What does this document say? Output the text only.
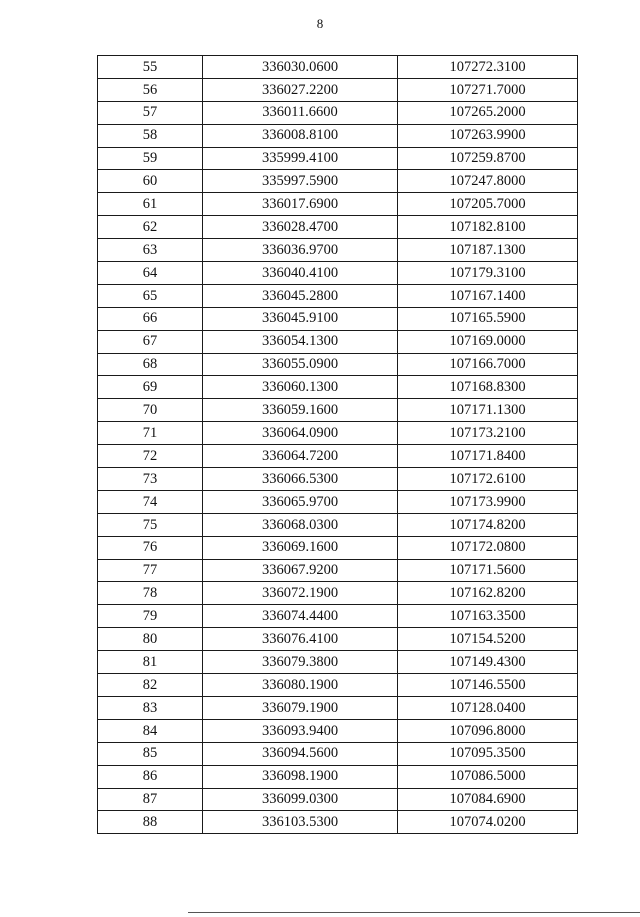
8
55	336030.0600	107272.3100
56	336027.2200	107271.7000
57	336011.6600	107265.2000
58	336008.8100	107263.9900
59	335999.4100	107259.8700
60	335997.5900	107247.8000
61	336017.6900	107205.7000
62	336028.4700	107182.8100
63	336036.9700	107187.1300
64	336040.4100	107179.3100
65	336045.2800	107167.1400
66	336045.9100	107165.5900
67	336054.1300	107169.0000
68	336055.0900	107166.7000
69	336060.1300	107168.8300
70	336059.1600	107171.1300
71	336064.0900	107173.2100
72	336064.7200	107171.8400
73	336066.5300	107172.6100
74	336065.9700	107173.9900
75	336068.0300	107174.8200
76	336069.1600	107172.0800
77	336067.9200	107171.5600
78	336072.1900	107162.8200
79	336074.4400	107163.3500
80	336076.4100	107154.5200
81	336079.3800	107149.4300
82	336080.1900	107146.5500
83	336079.1900	107128.0400
84	336093.9400	107096.8000
85	336094.5600	107095.3500
86	336098.1900	107086.5000
87	336099.0300	107084.6900
88	336103.5300	107074.0200
